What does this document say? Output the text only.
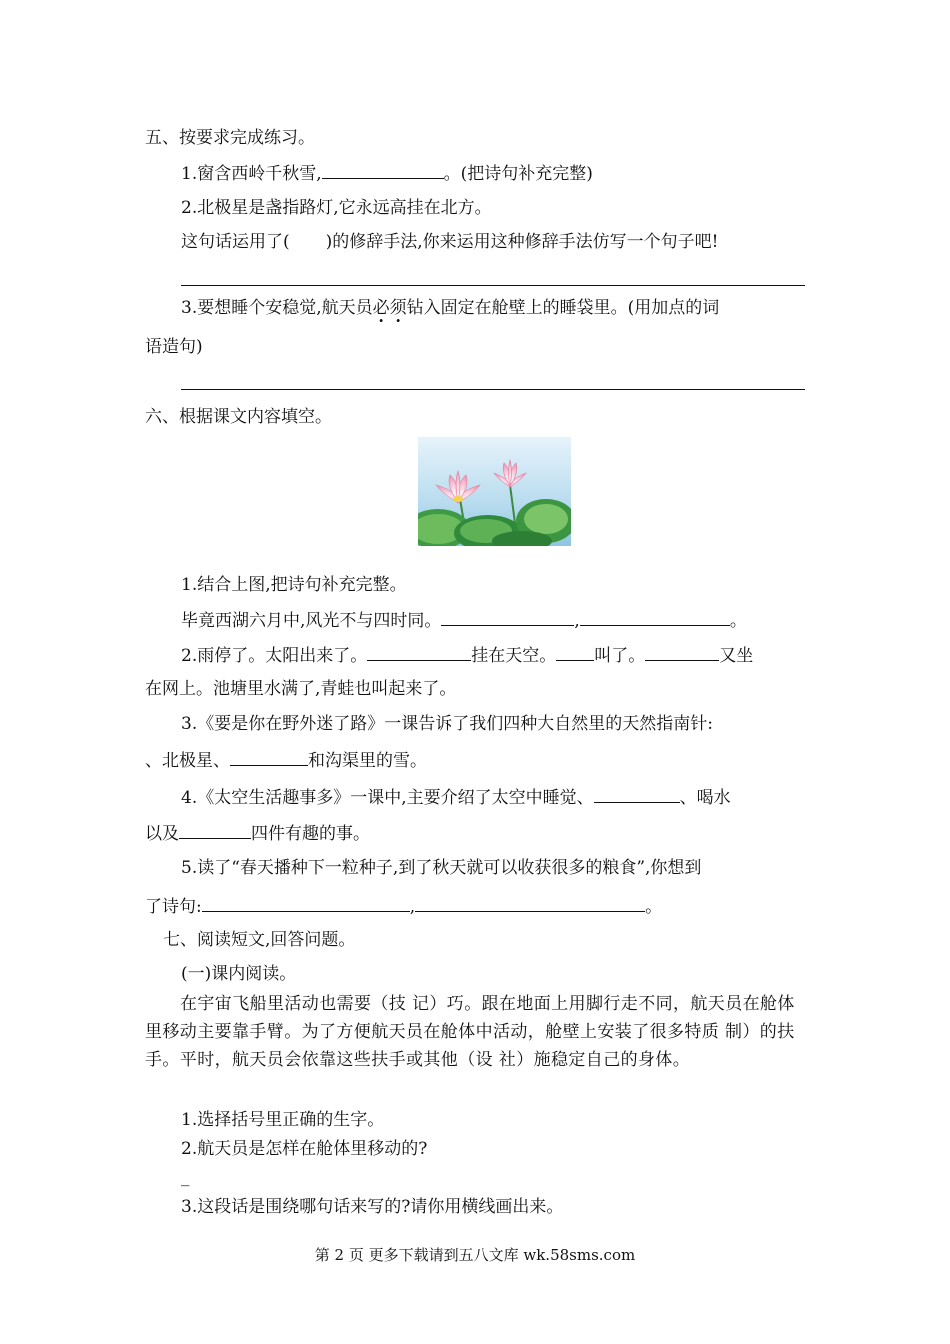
五、按要求完成练习。
1.窗含西岭千秋雪,	。(把诗句补充完整)
2.北极星是盏指路灯,它永远高挂在北方。
这句话运用了( )的修辞手法,你来运用这种修辞手法仿写一个句子吧!
3.要想睡个安稳觉,航天员必须钻入固定在舱壁上的睡袋里。(用加点的词
语造句)
六、根据课文内容填空。
1.结合上图,把诗句补充完整。
毕竟西湖六月中,风光不与四时同。	,	。
2.雨停了。太阳出来了。	挂在天空。 叫了。	又坐
在网上。池塘里水满了,青蛙也叫起来了。
3.《要是你在野外迷了路》一课告诉了我们四种大自然里的天然指南针:
、北极星、	和沟渠里的雪。
4.《太空生活趣事多》一课中,主要介绍了太空中睡觉、	、喝水
以及	四件有趣的事。
5.读了“春天播种下一粒种子,到了秋天就可以收获很多的粮食”,你想到
了诗句:	,	。
七、阅读短文,回答问题。
(一)课内阅读。
在宇宙飞船里活动也需要（技 记）巧。跟在地面上用脚行走不同，航天员在舱体里移动主要靠手臂。为了方便航天员在舱体中活动，舱壁上安装了很多特质 制）的扶手。平时，航天员会依靠这些扶手或其他（设 社）施稳定自己的身体。
1.选择括号里正确的生字。
2.航天员是怎样在舱体里移动的?
_
3.这段话是围绕哪句话来写的?请你用横线画出来。
第 2 页 更多下载请到五八文库 wk.58sms.com
